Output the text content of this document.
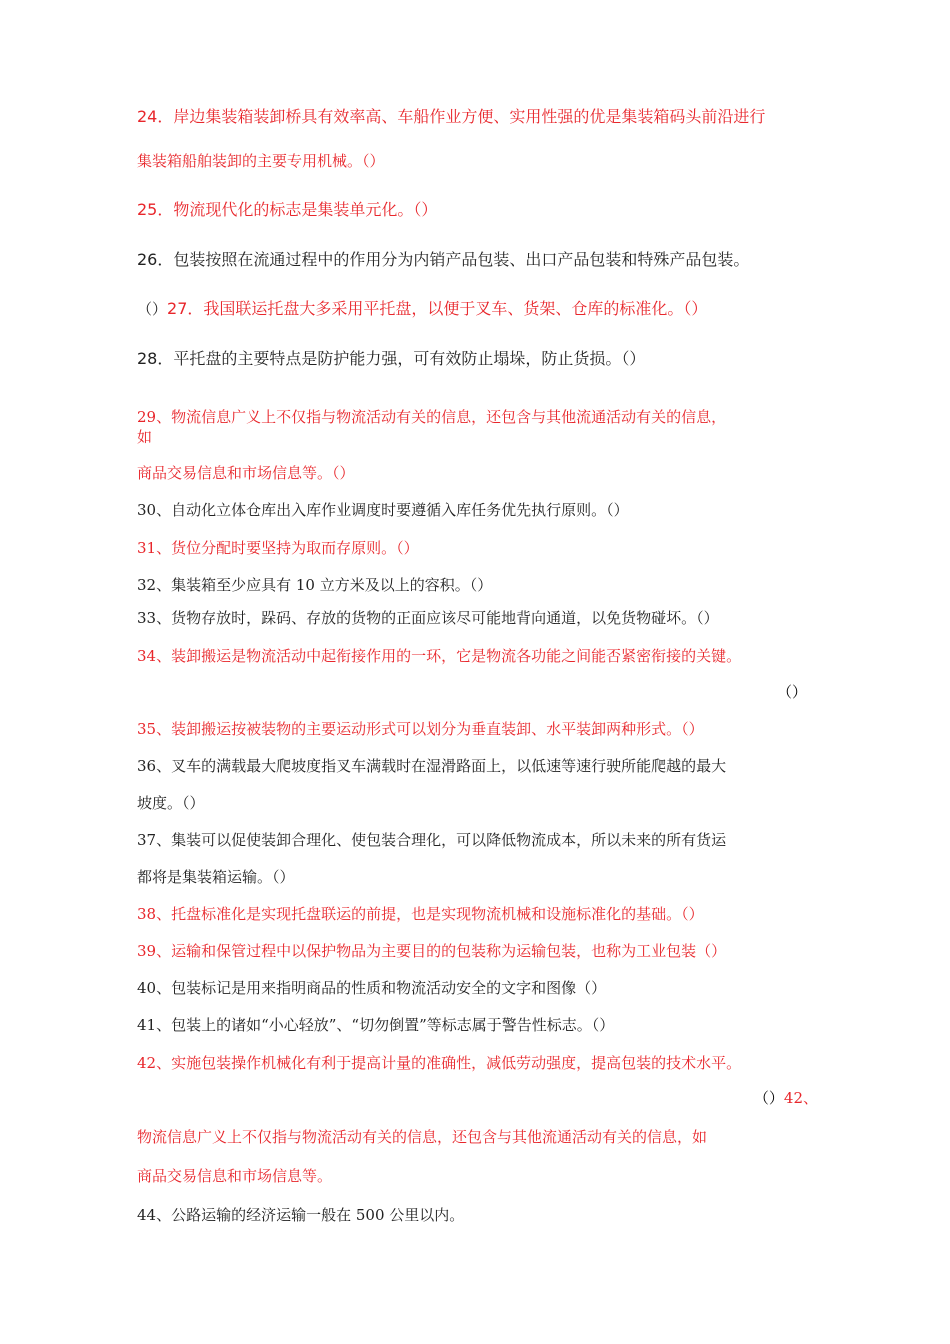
24．岸边集装箱装卸桥具有效率高、车船作业方便、实用性强的优是集装箱码头前沿进行
集装箱船舶装卸的主要专用机械。（）
25．物流现代化的标志是集装单元化。（）
26．包装按照在流通过程中的作用分为内销产品包装、出口产品包装和特殊产品包装。
（）27．我国联运托盘大多采用平托盘，以便于叉车、货架、仓库的标准化。（）
28．平托盘的主要特点是防护能力强，可有效防止塌垛，防止货损。（）
29、物流信息广义上不仅指与物流活动有关的信息，还包含与其他流通活动有关的信息，
如
商品交易信息和市场信息等。（）
30、自动化立体仓库出入库作业调度时要遵循入库任务优先执行原则。（）
31、货位分配时要坚持为取而存原则。（）
32、集装箱至少应具有 10 立方米及以上的容积。（）
33、货物存放时，跺码、存放的货物的正面应该尽可能地背向通道，以免货物碰坏。（）
34、装卸搬运是物流活动中起衔接作用的一环，它是物流各功能之间能否紧密衔接的关键。
（）
35、装卸搬运按被装物的主要运动形式可以划分为垂直装卸、水平装卸两种形式。（）
36、叉车的满载最大爬坡度指叉车满载时在湿滑路面上，以低速等速行驶所能爬越的最大
坡度。（）
37、集装可以促使装卸合理化、使包装合理化，可以降低物流成本，所以未来的所有货运
都将是集装箱运输。（）
38、托盘标准化是实现托盘联运的前提，也是实现物流机械和设施标准化的基础。（）
39、运输和保管过程中以保护物品为主要目的的包装称为运输包装，也称为工业包装（）
40、包装标记是用来指明商品的性质和物流活动安全的文字和图像（）
41、包装上的诸如“小心轻放”、“切勿倒置”等标志属于警告性标志。（）
42、实施包装操作机械化有利于提高计量的准确性，减低劳动强度，提高包装的技术水平。
（）42、
物流信息广义上不仅指与物流活动有关的信息，还包含与其他流通活动有关的信息，如
商品交易信息和市场信息等。
44、公路运输的经济运输一般在 500 公里以内。
